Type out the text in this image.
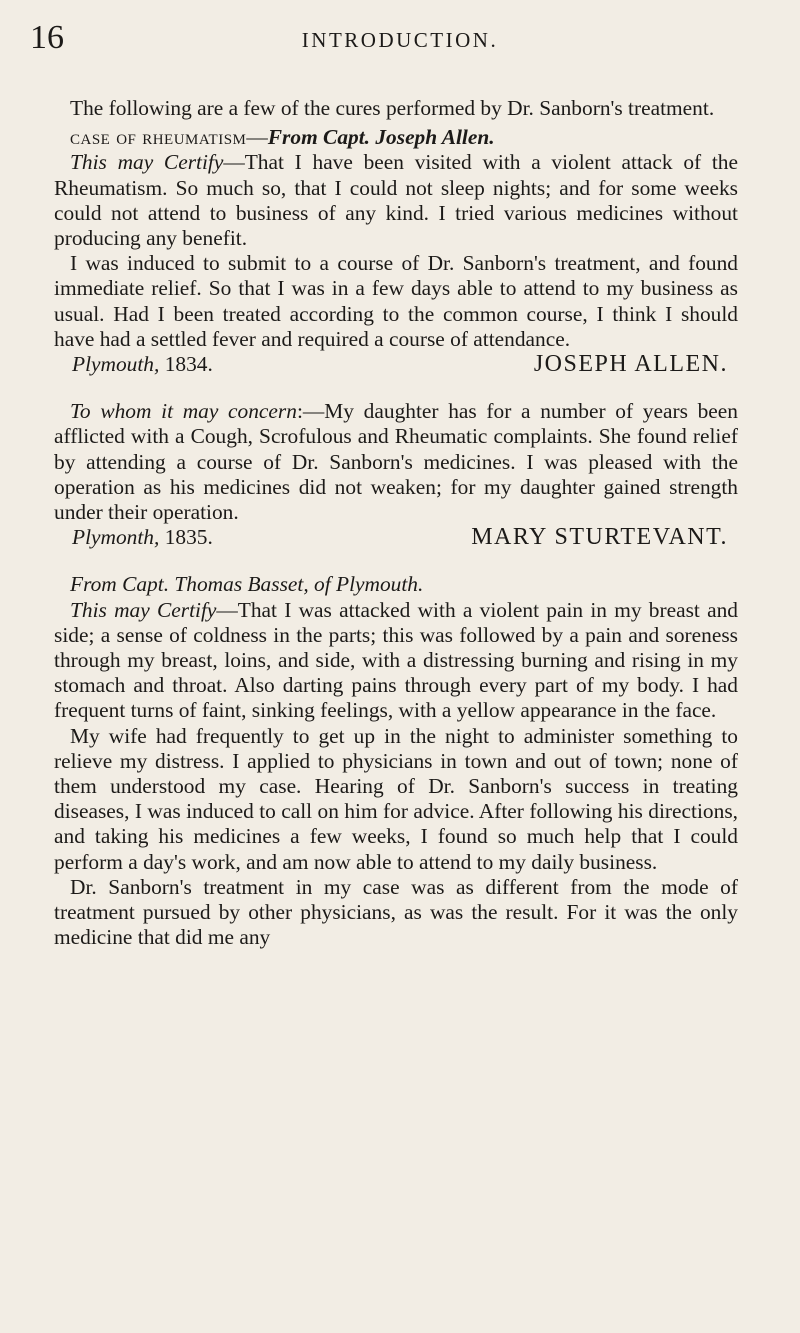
16	INTRODUCTION.

The following are a few of the cures performed by Dr. Sanborn's treatment.

case of rheumatism—From Capt. Joseph Allen.

This may Certify—That I have been visited with a violent attack of the Rheumatism. So much so, that I could not sleep nights; and for some weeks could not attend to business of any kind. I tried various medicines without producing any benefit.

I was induced to submit to a course of Dr. Sanborn's treatment, and found immediate relief. So that I was in a few days able to attend to my business as usual. Had I been treated according to the common course, I think I should have had a settled fever and required a course of attendance.

Plymouth, 1834.	JOSEPH ALLEN.

To whom it may concern:—My daughter has for a number of years been afflicted with a Cough, Scrofulous and Rheumatic complaints. She found relief by attending a course of Dr. Sanborn's medicines. I was pleased with the operation as his medicines did not weaken; for my daughter gained strength under their operation.

Plymonth, 1835.	MARY STURTEVANT.

From Capt. Thomas Basset, of Plymouth.

This may Certify—That I was attacked with a violent pain in my breast and side; a sense of coldness in the parts; this was followed by a pain and soreness through my breast, loins, and side, with a distressing burning and rising in my stomach and throat. Also darting pains through every part of my body. I had frequent turns of faint, sinking feelings, with a yellow appearance in the face.

My wife had frequently to get up in the night to administer something to relieve my distress. I applied to physicians in town and out of town; none of them understood my case. Hearing of Dr. Sanborn's success in treating diseases, I was induced to call on him for advice. After following his directions, and taking his medicines a few weeks, I found so much help that I could perform a day's work, and am now able to attend to my daily business.

Dr. Sanborn's treatment in my case was as different from the mode of treatment pursued by other physicians, as was the result. For it was the only medicine that did me any
